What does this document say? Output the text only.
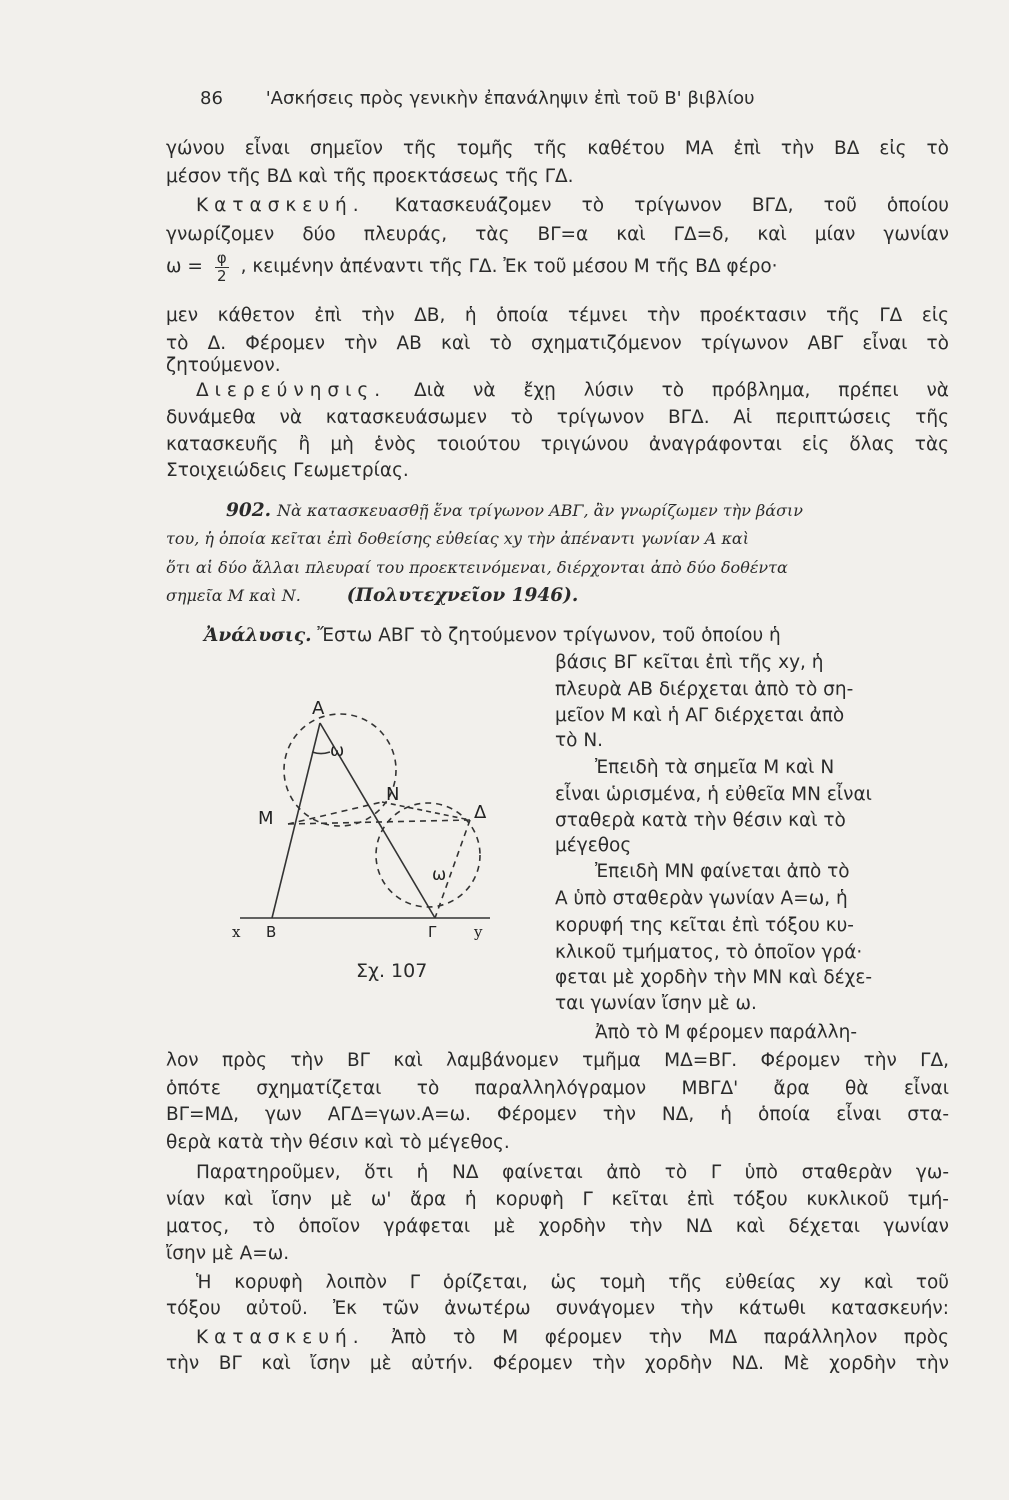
86 'Ασκήσεις πρὸς γενικὴν ἐπανάληψιν ἐπὶ τοῦ Β' βιβλίου
γώνου εἶναι σημεῖον τῆς τομῆς τῆς καθέτου ΜΑ ἐπὶ τὴν ΒΔ εἰς τὸ
μέσον τῆς ΒΔ καὶ τῆς προεκτάσεως τῆς ΓΔ.
Κατασκευή. Κατασκευάζομεν τὸ τρίγωνον ΒΓΔ, τοῦ ὁποίου
γνωρίζομεν δύο πλευράς, τὰς ΒΓ=α καὶ ΓΔ=δ, καὶ μίαν γωνίαν
$\omega = \frac{\varphi}{2}$ , κειμένην ἀπέναντι τῆς ΓΔ. Ἐκ τοῦ μέσου Μ τῆς ΒΔ φέρο·
μεν κάθετον ἐπὶ τὴν ΔΒ, ἡ ὁποία τέμνει τὴν προέκτασιν τῆς ΓΔ εἰς
τὸ Δ. Φέρομεν τὴν ΑΒ καὶ τὸ σχηματιζόμενον τρίγωνον ΑΒΓ εἶναι τὸ
ζητούμενον.
Διερεύνησις. Διὰ νὰ ἔχῃ λύσιν τὸ πρόβλημα, πρέπει νὰ
δυνάμεθα νὰ κατασκευάσωμεν τὸ τρίγωνον ΒΓΔ. Αἱ περιπτώσεις τῆς
κατασκευῆς ἢ μὴ ἑνὸς τοιούτου τριγώνου ἀναγράφονται εἰς ὅλας τὰς
Στοιχειώδεις Γεωμετρίας.
902. Νὰ κατασκευασθῇ ἕνα τρίγωνον ΑΒΓ, ἂν γνωρίζωμεν τὴν βάσιν
του, ἡ ὁποία κεῖται ἐπὶ δοθείσης εὐθείας xy τὴν ἀπέναντι γωνίαν Α καὶ
ὅτι αἱ δύο ἄλλαι πλευραί του προεκτεινόμεναι, διέρχονται ἀπὸ δύο δοθέντα
σημεῖα Μ καὶ Ν. (Πολυτεχνεῖον 1946).
Ἀνάλυσις. Ἔστω ΑΒΓ τὸ ζητούμενον τρίγωνον, τοῦ ὁποίου ἡ
βάσις ΒΓ κεῖται ἐπὶ τῆς xy, ἡ
πλευρὰ ΑΒ διέρχεται ἀπὸ τὸ ση-
μεῖον Μ καὶ ἡ ΑΓ διέρχεται ἀπὸ
τὸ Ν.
Ἐπειδὴ τὰ σημεῖα Μ καὶ Ν
εἶναι ὡρισμένα, ἡ εὐθεῖα ΜΝ εἶναι
σταθερὰ κατὰ τὴν θέσιν καὶ τὸ
μέγεθος
Ἐπειδὴ ΜΝ φαίνεται ἀπὸ τὸ
Α ὑπὸ σταθερὰν γωνίαν Α=ω, ἡ
κορυφή της κεῖται ἐπὶ τόξου κυ-
κλικοῦ τμήματος, τὸ ὁποῖον γρά·
φεται μὲ χορδὴν τὴν ΜΝ καὶ δέχε-
ται γωνίαν ἴσην μὲ ω.
Ἀπὸ τὸ Μ φέρομεν παράλλη-
Α
ω
Μ
Ν
Δ
ω
x Β	Γ	y
Σχ. 107
λον πρὸς τὴν ΒΓ καὶ λαμβάνομεν τμῆμα ΜΔ=ΒΓ. Φέρομεν τὴν ΓΔ,
ὁπότε σχηματίζεται τὸ παραλληλόγραμον ΜΒΓΔ' ἄρα θὰ εἶναι
ΒΓ=ΜΔ, γων ΑΓΔ=γων.Α=ω. Φέρομεν τὴν ΝΔ, ἡ ὁποία εἶναι στα-
θερὰ κατὰ τὴν θέσιν καὶ τὸ μέγεθος.
Παρατηροῦμεν, ὅτι ἡ ΝΔ φαίνεται ἀπὸ τὸ Γ ὑπὸ σταθερὰν γω-
νίαν καὶ ἴσην μὲ ω' ἄρα ἡ κορυφὴ Γ κεῖται ἐπὶ τόξου κυκλικοῦ τμή-
ματος, τὸ ὁποῖον γράφεται μὲ χορδὴν τὴν ΝΔ καὶ δέχεται γωνίαν
ἴσην μὲ Α=ω.
Ἡ κορυφὴ λοιπὸν Γ ὁρίζεται, ὡς τομὴ τῆς εὐθείας xy καὶ τοῦ
τόξου αὐτοῦ. Ἐκ τῶν ἀνωτέρω συνάγομεν τὴν κάτωθι κατασκευήν:
Κατασκευή. Ἀπὸ τὸ Μ φέρομεν τὴν ΜΔ παράλληλον πρὸς
τὴν ΒΓ καὶ ἴσην μὲ αὐτήν. Φέρομεν τὴν χορδὴν ΝΔ. Μὲ χορδὴν τὴν
